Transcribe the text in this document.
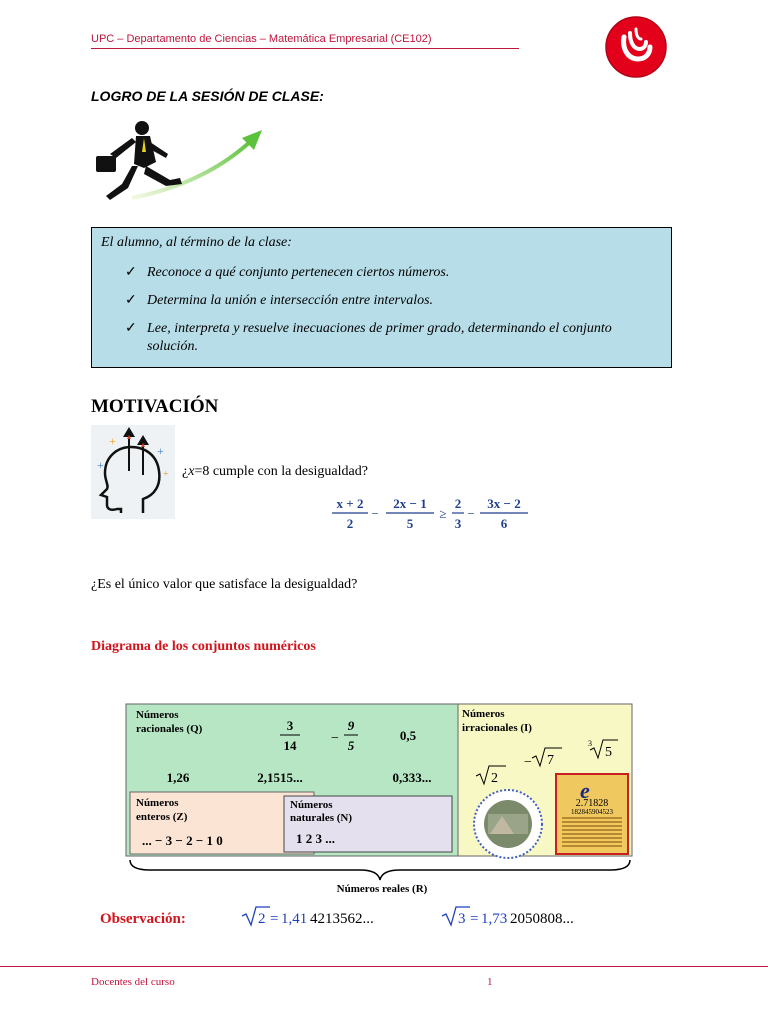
UPC – Departamento de Ciencias – Matemática Empresarial (CE102)
LOGRO DE LA SESIÓN DE CLASE:
El alumno, al término de la clase:
✓ Reconoce a qué conjunto pertenecen ciertos números.
✓ Determina la unión e intersección entre intervalos.
✓ Lee, interpreta y resuelve inecuaciones de primer grado, determinando el conjunto solución.
MOTIVACIÓN
+
+
+
+ ¿x=8 cumple con la desigualdad?
x + 2
2
−
2x − 1
5
≥
2
3
−
3x − 2
6
¿Es el único valor que satisface la desigualdad?
Diagrama de los conjuntos numéricos
Números
racionales (Q)	3
14 −
9
5
0,5
1,26	2,1515...	0,333...
Números
enteros (Z)
... − 3 − 2 − 1 0
Números
naturales (N)
1 2 3 ...
Números
irracionales (I)
2
− 7
3
5
e
2.71828
182845904523
Números reales (R)
Observación:	2 = 1,41 4213562...	3 = 1,73 2050808...
Docentes del curso	1
